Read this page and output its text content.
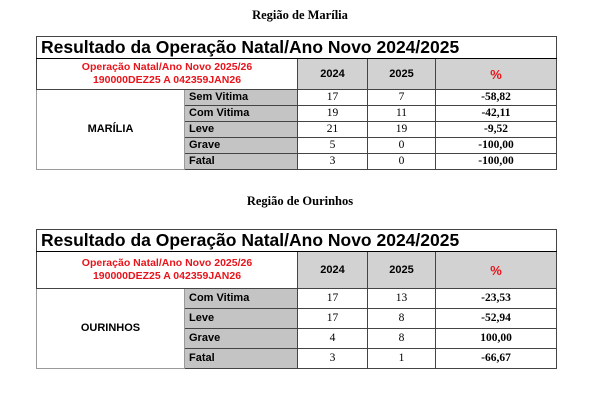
Região de Marília
Resultado da Operação Natal/Ano Novo 2024/2025				
Operação Natal/Ano Novo 2025/26
190000DEZ25 A 042359JAN26		2024	2025	%
MARÍLIA	Sem Vitima	17	7	-58,82
	Com Vitima	19	11	-42,11
	Leve	21	19	-9,52
	Grave	5	0	-100,00
	Fatal	3	0	-100,00
Região de Ourinhos
Resultado da Operação Natal/Ano Novo 2024/2025				
Operação Natal/Ano Novo 2025/26
190000DEZ25 A 042359JAN26		2024	2025	%
OURINHOS	Com Vitima	17	13	-23,53
	Leve	17	8	-52,94
	Grave	4	8	100,00
	Fatal	3	1	-66,67
